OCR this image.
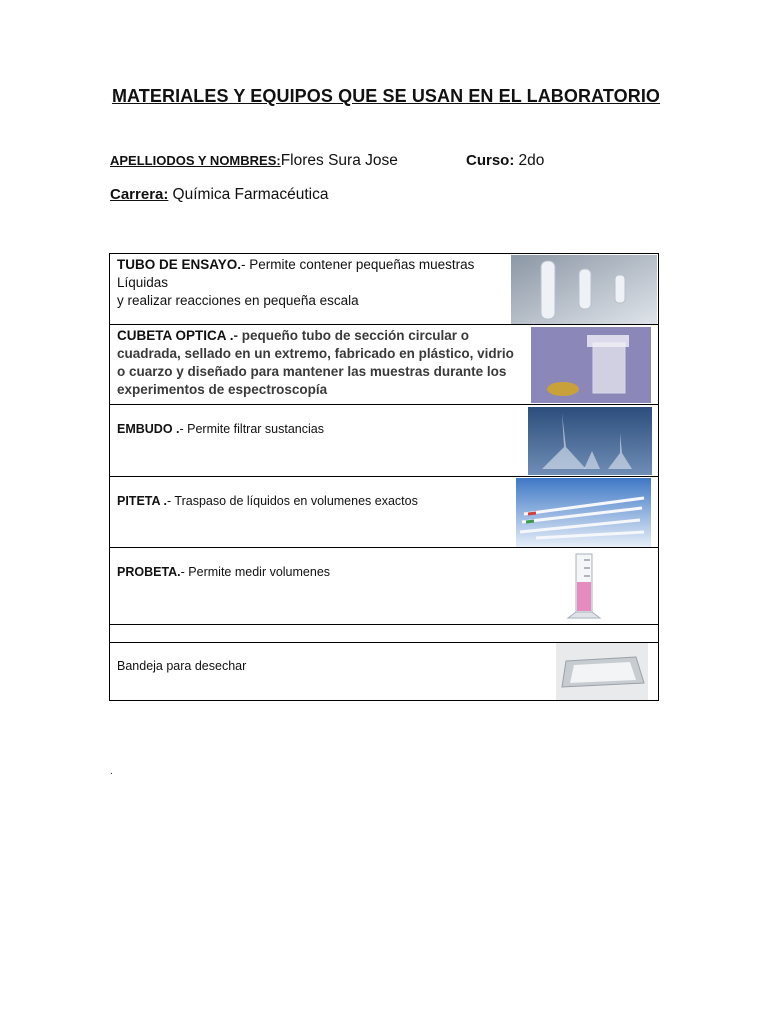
MATERIALES Y EQUIPOS QUE SE USAN EN EL LABORATORIO
APELLIODOS Y NOMBRES:Flores Sura Jose	Curso: 2do
Carrera: Química Farmacéutica
TUBO DE ENSAYO.- Permite contener pequeñas muestras
Líquidas
y realizar reacciones en pequeña escala

CUBETA OPTICA .- pequeño tubo de sección circular o cuadrada, sellado en un extremo, fabricado en plástico, vidrio o cuarzo y diseñado para mantener las muestras durante los experimentos de espectroscopía

EMBUDO .- Permite filtrar sustancias

PITETA .- Traspaso de líquidos en volumenes exactos

PROBETA.- Permite medir volumenes

Bandeja para desechar
.
